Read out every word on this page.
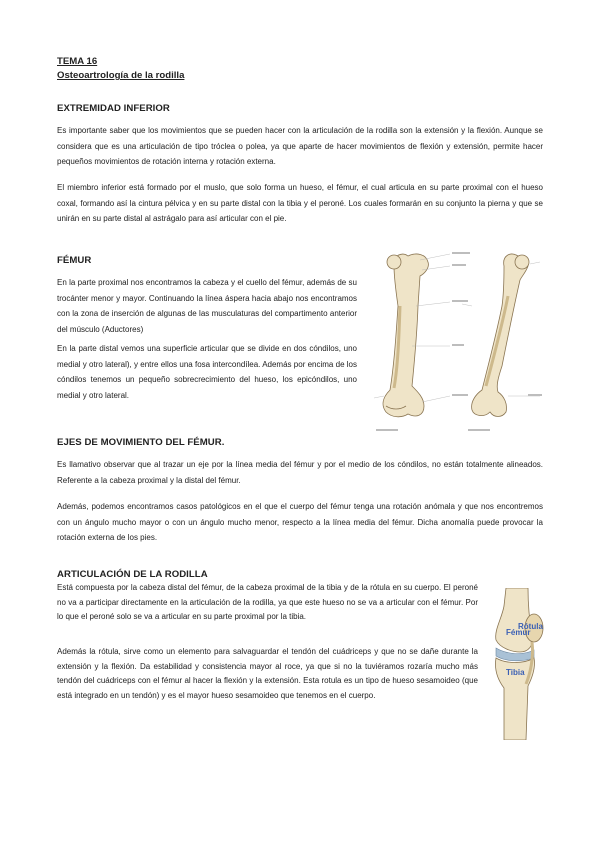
TEMA 16
Osteoartrología de la rodilla
EXTREMIDAD INFERIOR
Es importante saber que los movimientos que se pueden hacer con la articulación de la rodilla son la extensión y la flexión. Aunque se considera que es una articulación de tipo tróclea o polea, ya que aparte de hacer movimientos de flexión y extensión, permite hacer pequeños movimientos de rotación interna y rotación externa.
El miembro inferior está formado por el muslo, que solo forma un hueso, el fémur, el cual articula en su parte proximal con el hueso coxal, formando así la cintura pélvica y en su parte distal con la tibia y el peroné. Los cuales formarán en su conjunto la pierna y que se unirán en su parte distal al astrágalo para así articular con el pie.
FÉMUR
En la parte proximal nos encontramos la cabeza y el cuello del fémur, además de su trocánter menor y mayor. Continuando la línea áspera hacia abajo nos encontramos con la zona de inserción de algunas de las musculaturas del compartimento anterior del músculo (Aductores)
En la parte distal vemos una superficie articular que se divide en dos cóndilos, uno medial y otro lateral), y entre ellos una fosa intercondílea. Además por encima de los cóndilos tenemos un pequeño sobrecrecimiento del hueso, los epicóndilos, uno medial y otro lateral.
EJES DE MOVIMIENTO DEL FÉMUR.
Es llamativo observar que al trazar un eje por la línea media del fémur y por el medio de los cóndilos, no están totalmente alineados. Referente a la cabeza proximal y la distal del fémur.
Además, podemos encontramos casos patológicos en el que el cuerpo del fémur tenga una rotación anómala y que nos encontremos con un ángulo mucho mayor o con un ángulo mucho menor, respecto a la línea media del fémur. Dicha anomalía puede provocar la rotación externa de los pies.
ARTICULACIÓN DE LA RODILLA
Está compuesta por la cabeza distal del fémur, de la cabeza proximal de la tibia y de la rótula en su cuerpo. El peroné no va a participar directamente en la articulación de la rodilla, ya que este hueso no se va a articular con el fémur. Por lo que el peroné solo se va a articular en su parte proximal por la tibia.
Además la rótula, sirve como un elemento para salvaguardar el tendón del cuádriceps y que no se dañe durante la extensión y la flexión. Da estabilidad y consistencia mayor al roce, ya que si no la tuviéramos rozaría mucho más tendón del cuádriceps con el fémur al hacer la flexión y la extensión. Esta rotula es un tipo de hueso sesamoideo (que está integrado en un tendón) y es el mayor hueso sesamoideo que tenemos en el cuerpo.
Fémur
Rótula
Tibia
